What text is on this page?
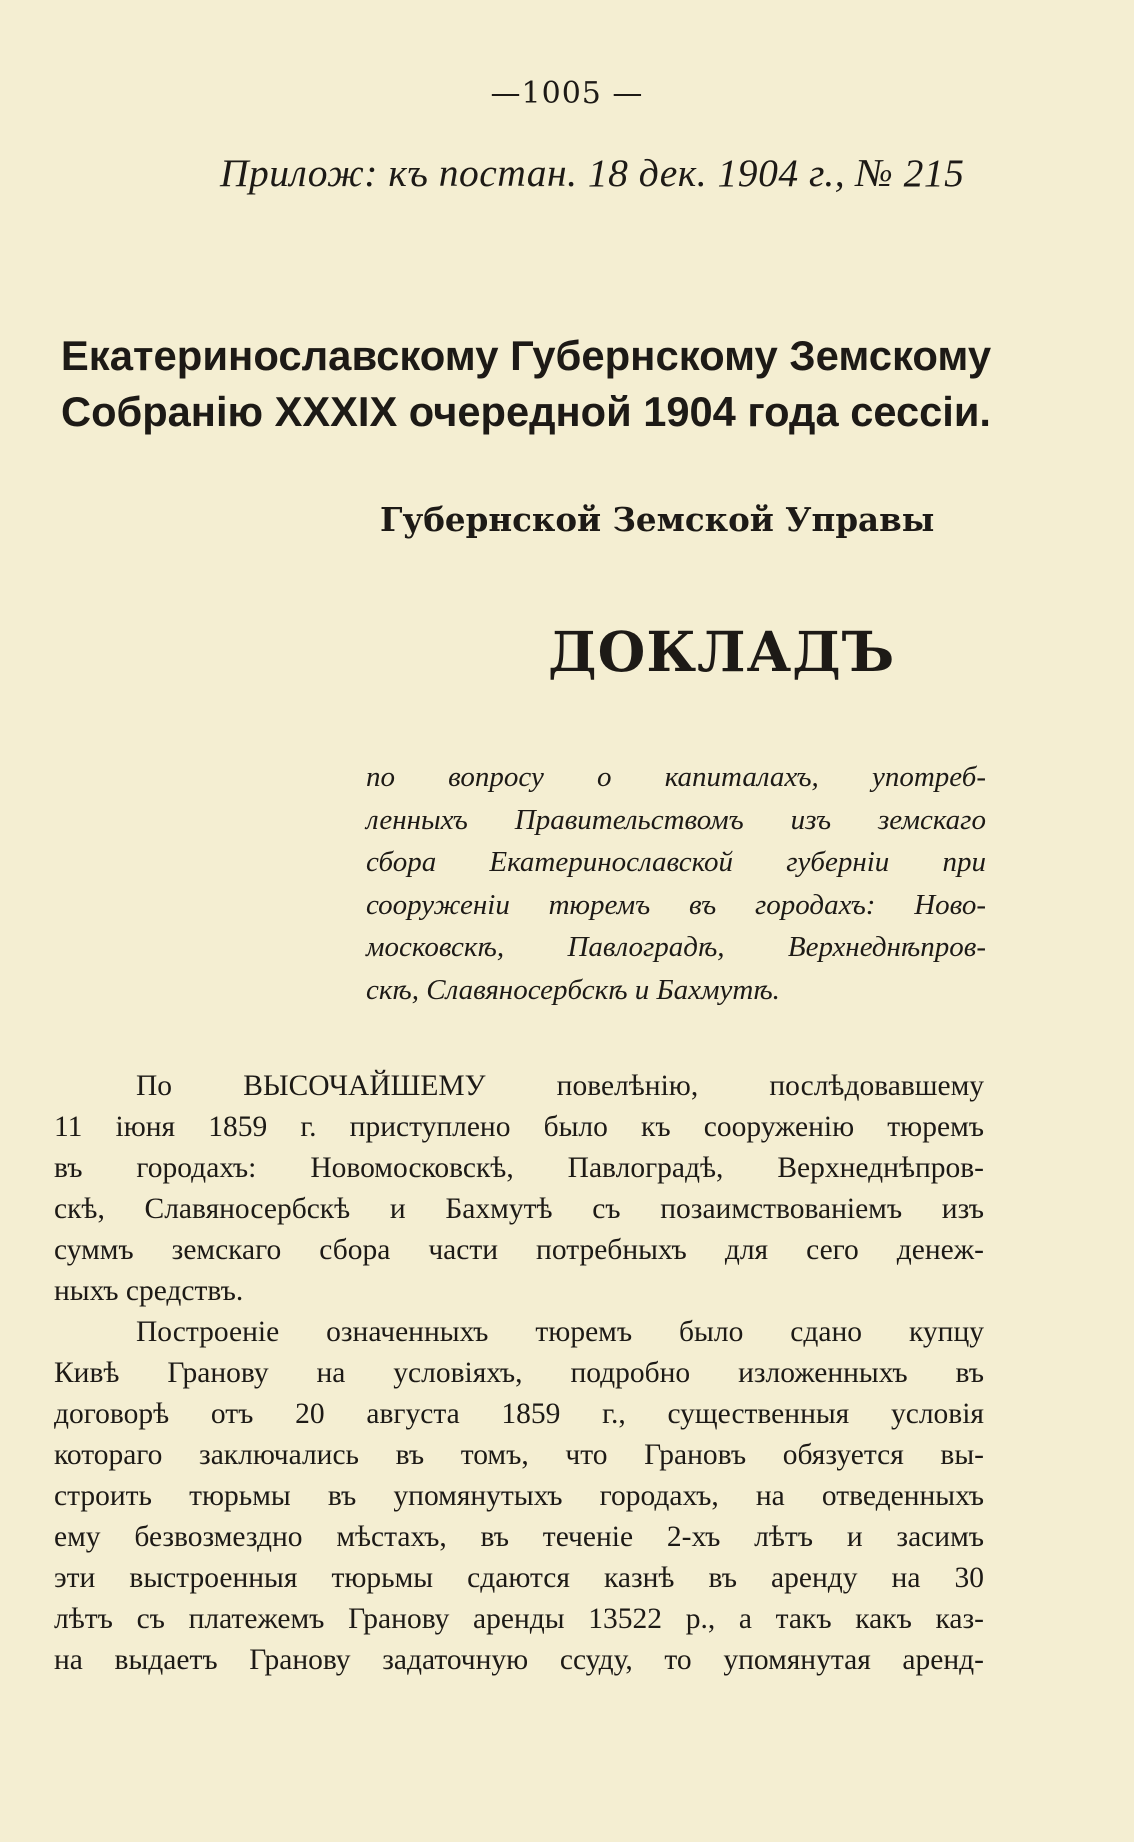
—1005 —
Прилож: къ постан. 18 дек. 1904 г., № 215
Екатеринославскому Губернскому Земскому
Собранію XXXIX очередной 1904 года сессіи.
Губернской Земской Управы
ДОКЛАДЪ
по вопросу о капиталахъ, употреб-
ленныхъ Правительствомъ изъ земскаго
сбора Екатеринославской губерніи при
сооруженіи тюремъ въ городахъ: Ново-
московскѣ, Павлоградѣ, Верхнеднѣпров-
скѣ, Славяносербскѣ и Бахмутѣ.
По ВЫСОЧАЙШЕМУ повелѣнію, послѣдовавшему
11 іюня 1859 г. приступлено было къ сооруженію тюремъ
въ городахъ: Новомосковскѣ, Павлоградѣ, Верхнеднѣпров-
скѣ, Славяносербскѣ и Бахмутѣ съ позаимствованіемъ изъ
суммъ земскаго сбора части потребныхъ для сего денеж-
ныхъ средствъ.
Построеніе означенныхъ тюремъ было сдано купцу
Кивѣ Гранову на условіяхъ, подробно изложенныхъ въ
договорѣ отъ 20 августа 1859 г., существенныя условія
котораго заключались въ томъ, что Грановъ обязуется вы-
строить тюрьмы въ упомянутыхъ городахъ, на отведенныхъ
ему безвозмездно мѣстахъ, въ теченіе 2-хъ лѣтъ и засимъ
эти выстроенныя тюрьмы сдаются казнѣ въ аренду на 30
лѣтъ съ платежемъ Гранову аренды 13522 р., а такъ какъ каз-
на выдаетъ Гранову задаточную ссуду, то упомянутая аренд-
